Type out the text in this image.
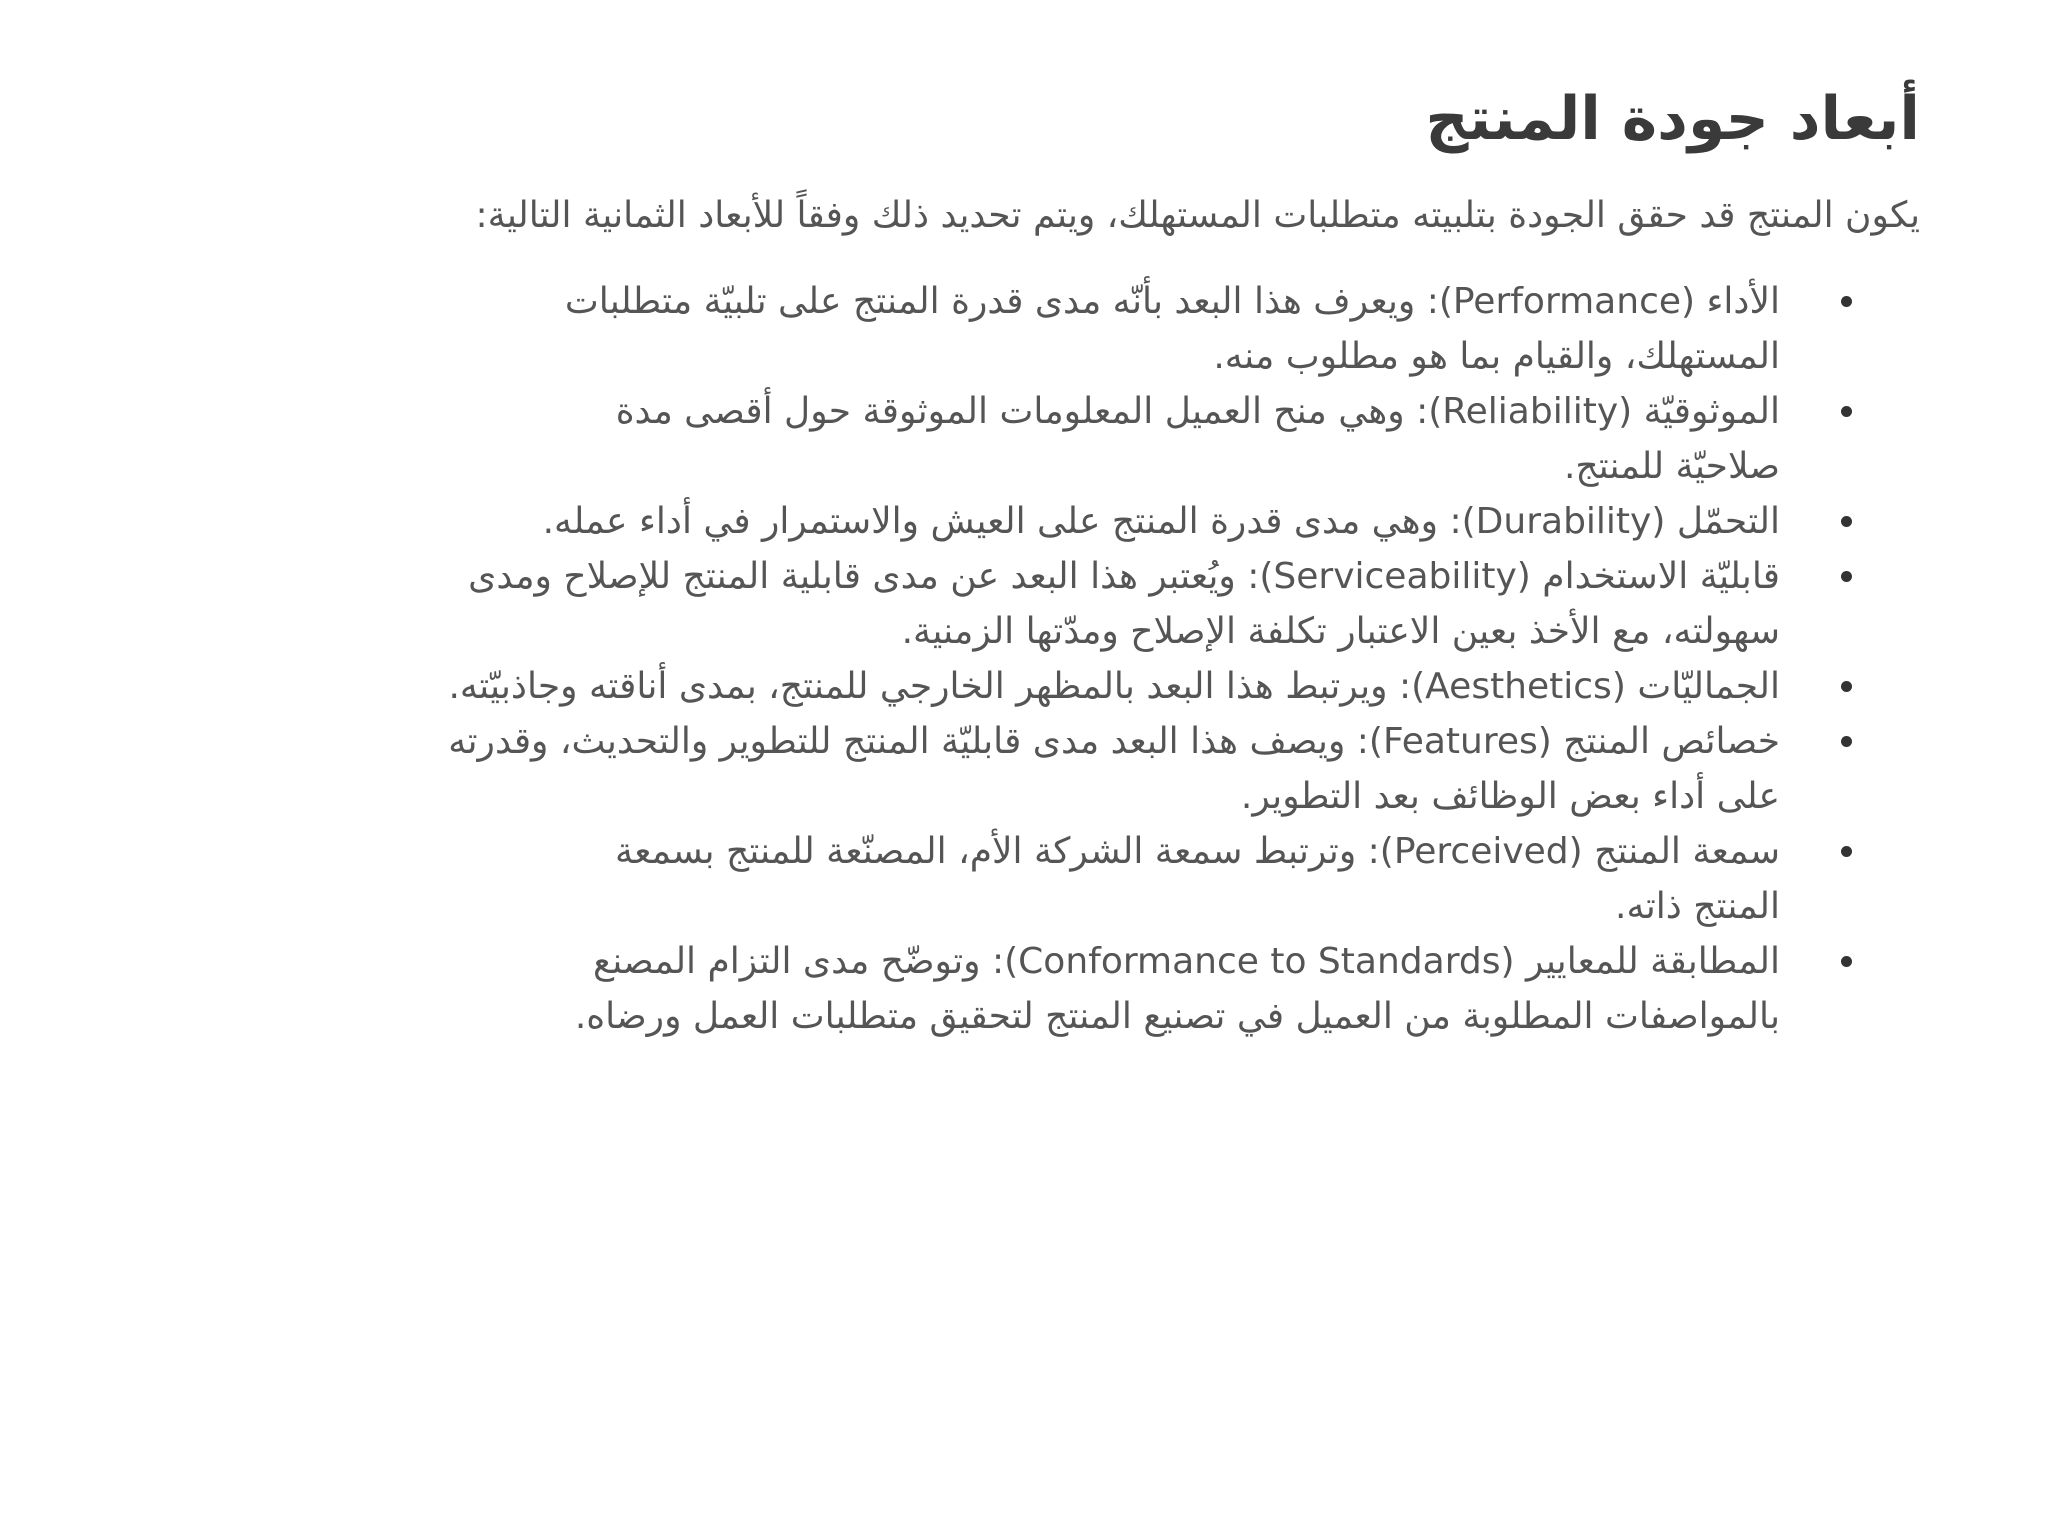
أبعاد جودة المنتج

يكون المنتج قد حقق الجودة بتلبيته متطلبات المستهلك، ويتم تحديد ذلك وفقاً للأبعاد الثمانية التالية:

الأداء (Performance): ويعرف هذا البعد بأنّه مدى قدرة المنتج على تلبيّة متطلبات المستهلك، والقيام بما هو مطلوب منه.
الموثوقيّة (Reliability): وهي منح العميل المعلومات الموثوقة حول أقصى مدة صلاحيّة للمنتج.
التحمّل (Durability): وهي مدى قدرة المنتج على العيش والاستمرار في أداء عمله.
قابليّة الاستخدام (Serviceability): ويُعتبر هذا البعد عن مدى قابلية المنتج للإصلاح ومدى سهولته، مع الأخذ بعين الاعتبار تكلفة الإصلاح ومدّتها الزمنية.
الجماليّات (Aesthetics): ويرتبط هذا البعد بالمظهر الخارجي للمنتج، بمدى أناقته وجاذبيّته.
خصائص المنتج (Features): ويصف هذا البعد مدى قابليّة المنتج للتطوير والتحديث، وقدرته على أداء بعض الوظائف بعد التطوير.
سمعة المنتج (Perceived): وترتبط سمعة الشركة الأم، المصنّعة للمنتج بسمعة المنتج ذاته.
المطابقة للمعايير (Conformance to Standards): وتوضّح مدى التزام المصنع بالمواصفات المطلوبة من العميل في تصنيع المنتج لتحقيق متطلبات العمل ورضاه.
